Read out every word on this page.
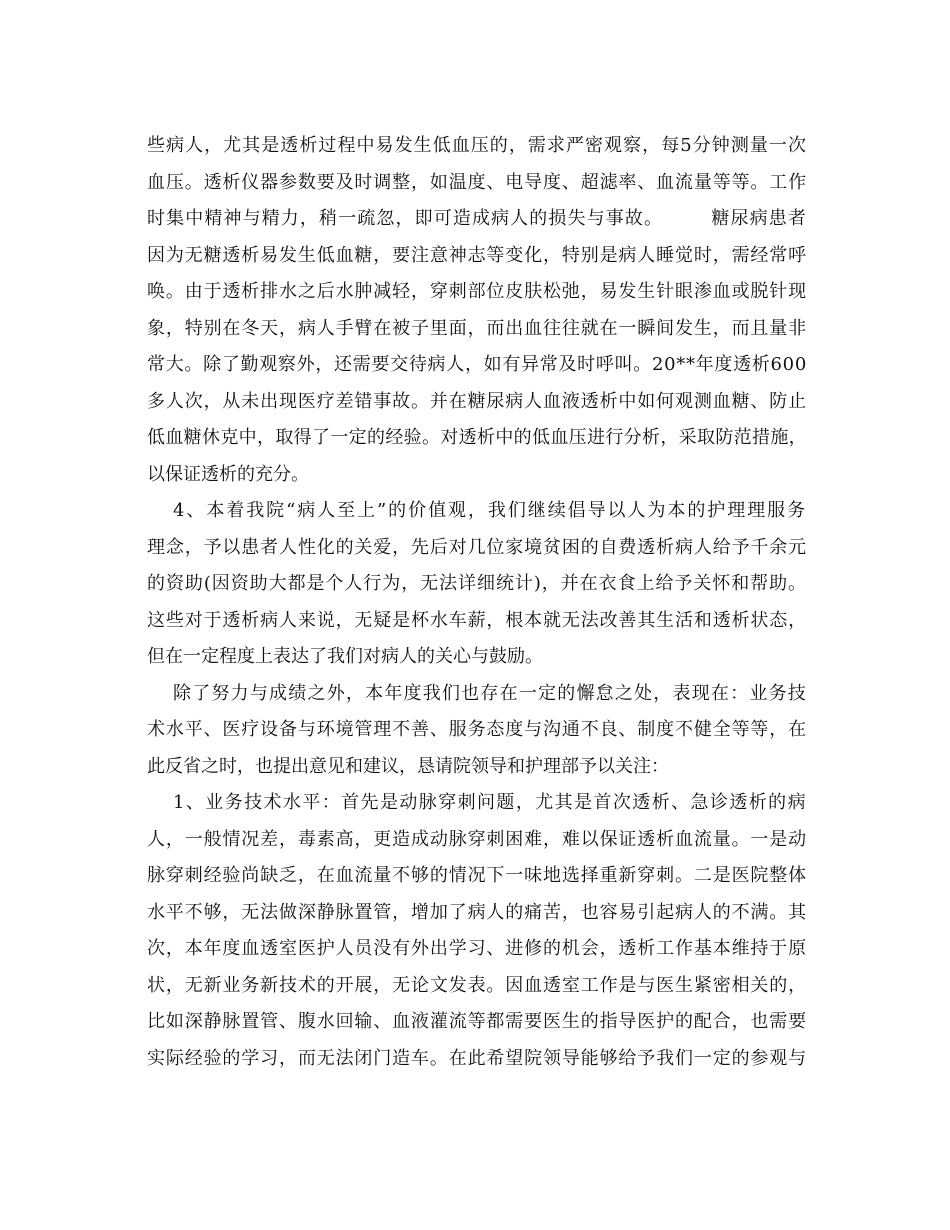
些病人，尤其是透析过程中易发生低血压的，需求严密观察，每5分钟测量一次
血压。透析仪器参数要及时调整，如温度、电导度、超滤率、血流量等等。工作
时集中精神与精力，稍一疏忽，即可造成病人的损失与事故。　　　糖尿病患者
因为无糖透析易发生低血糖，要注意神志等变化，特别是病人睡觉时，需经常呼
唤。由于透析排水之后水肿减轻，穿刺部位皮肤松弛，易发生针眼渗血或脱针现
象，特别在冬天，病人手臂在被子里面，而出血往往就在一瞬间发生，而且量非
常大。除了勤观察外，还需要交待病人，如有异常及时呼叫。20**年度透析600
多人次，从未出现医疗差错事故。并在糖尿病人血液透析中如何观测血糖、防止
低血糖休克中，取得了一定的经验。对透析中的低血压进行分析，采取防范措施，
以保证透析的充分。
4、本着我院“病人至上”的价值观，我们继续倡导以人为本的护理理服务
理念，予以患者人性化的关爱，先后对几位家境贫困的自费透析病人给予千余元
的资助(因资助大都是个人行为，无法详细统计)，并在衣食上给予关怀和帮助。
这些对于透析病人来说，无疑是杯水车薪，根本就无法改善其生活和透析状态，
但在一定程度上表达了我们对病人的关心与鼓励。
除了努力与成绩之外，本年度我们也存在一定的懈怠之处，表现在：业务技
术水平、医疗设备与环境管理不善、服务态度与沟通不良、制度不健全等等，在
此反省之时，也提出意见和建议，恳请院领导和护理部予以关注：
1、业务技术水平：首先是动脉穿刺问题，尤其是首次透析、急诊透析的病
人，一般情况差，毒素高，更造成动脉穿刺困难，难以保证透析血流量。一是动
脉穿刺经验尚缺乏，在血流量不够的情况下一味地选择重新穿刺。二是医院整体
水平不够，无法做深静脉置管，增加了病人的痛苦，也容易引起病人的不满。其
次，本年度血透室医护人员没有外出学习、进修的机会，透析工作基本维持于原
状，无新业务新技术的开展，无论文发表。因血透室工作是与医生紧密相关的，
比如深静脉置管、腹水回输、血液灌流等都需要医生的指导医护的配合，也需要
实际经验的学习，而无法闭门造车。在此希望院领导能够给予我们一定的参观与
